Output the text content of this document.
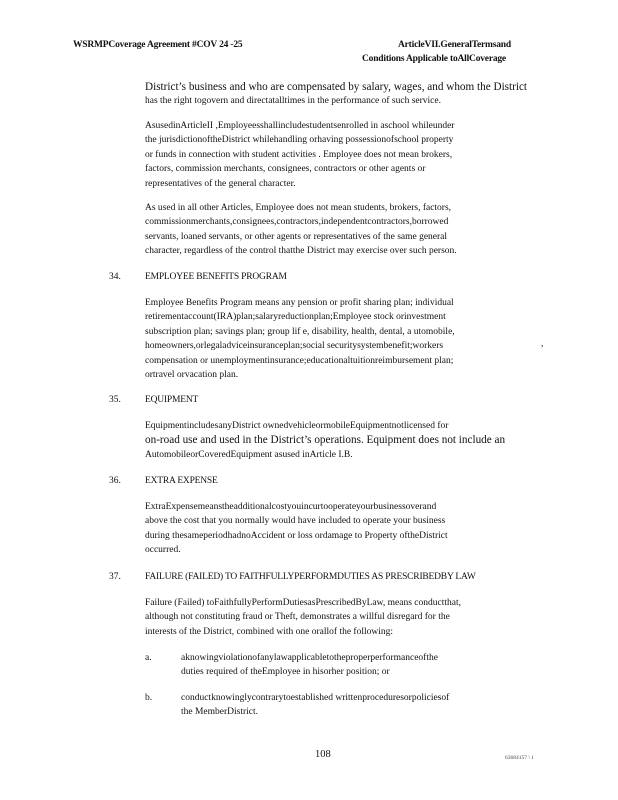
WSRMPCoverage Agreement #COV 24 -25	ArticleVII.GeneralTermsand
Conditions Applicable toAllCoverage

District’s business and who are compensated by salary, wages, and whom the District

has the right togovern and directatalltimes in the performance of such service.

AsusedinArticleII ,Employeesshallincludestudentsenrolled in aschool whileunder

the jurisdictionoftheDistrict whilehandling orhaving possessionofschool property

or funds in connection with student activities . Employee does not mean brokers,

factors, commission merchants, consignees, contractors or other agents or

representatives of the general character.

As used in all other Articles, Employee does not mean students, brokers, factors,

commissionmerchants,consignees,contractors,independentcontractors,borrowed

servants, loaned servants, or other agents or representatives of the same general

character, regardless of the control thatthe District may exercise over such person.

34.	EMPLOYEE BENEFITS PROGRAM

Employee Benefits Program means any pension or profit sharing plan; individual

retirementaccount(IRA)plan;salaryreductionplan;Employee stock orinvestment

subscription plan; savings plan; group lif e, disability, health, dental, a utomobile,

homeowners,orlegaladviceinsuranceplan;social securitysystembenefit;workers

compensation or unemploymentinsurance;educationaltuitionreimbursement plan;

ortravel orvacation plan.

,
35.	EQUIPMENT

EquipmentincludesanyDistrict ownedvehicleormobileEquipmentnotlicensed for

on-road use and used in the District’s operations. Equipment does not include an

AutomobileorCoveredEquipment asused inArticle I.B.

36.	EXTRA EXPENSE

ExtraExpensemeanstheadditionalcostyouincurtooperateyourbusinessoverand

above the cost that you normally would have included to operate your business

during thesameperiodhadnoAccident or loss ordamage to Property oftheDistrict

occurred.

37.	FAILURE (FAILED) TO FAITHFULLYPERFORMDUTIES AS PRESCRIBEDBY LAW

Failure (Failed) toFaithfullyPerformDutiesasPrescribedByLaw, means conductthat,

although not constituting fraud or Theft, demonstrates a willful disregard for the

interests of the District, combined with one orallof the following:

a.	aknowingviolationofanylawapplicabletotheproperperformanceofthe

duties required of theEmployee in hisorher position; or

b.	conductknowinglycontrarytoestablished writtenproceduresorpoliciesof

the MemberDistrict.

108	63684157 \ 1
